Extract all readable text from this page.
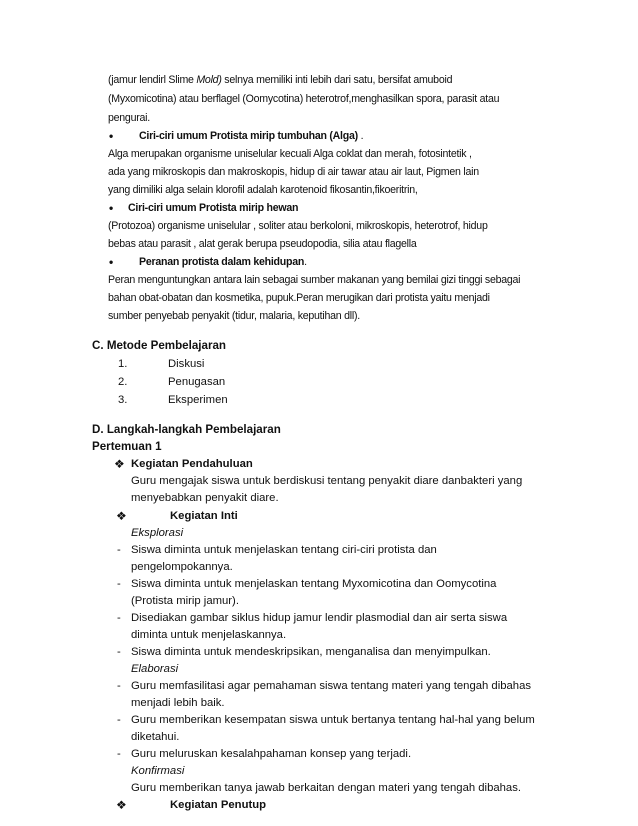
(jamur lendirl Slime Mold) selnya memiliki inti lebih dari satu, bersifat amuboid
(Myxomicotina) atau berflagel (Oomycotina) heterotrof,menghasilkan spora, parasit atau
pengurai.
• Ciri-ciri umum Protista mirip tumbuhan (Alga) .
Alga merupakan organisme uniselular kecuali Alga coklat dan merah, fotosintetik ,
ada yang mikroskopis dan makroskopis, hidup di air tawar atau air laut, Pigmen lain
yang dimiliki alga selain klorofil adalah karotenoid fikosantin,fikoeritrin,
• Ciri-ciri umum Protista mirip hewan
(Protozoa) organisme uniselular , soliter atau berkoloni, mikroskopis, heterotrof, hidup
bebas atau parasit , alat gerak berupa pseudopodia, silia atau flagella
• Peranan protista dalam kehidupan.
Peran menguntungkan antara lain sebagai sumber makanan yang bemilai gizi tinggi sebagai
bahan obat-obatan dan kosmetika, pupuk.Peran merugikan dari protista yaitu menjadi
sumber penyebab penyakit (tidur, malaria, keputihan dll).
C. Metode Pembelajaran
1.	Diskusi
2.	Penugasan
3.	Eksperimen
D. Langkah-langkah Pembelajaran
Pertemuan 1
❖ Kegiatan Pendahuluan
Guru mengajak siswa untuk berdiskusi tentang penyakit diare danbakteri yang
menyebabkan penyakit diare.
❖	Kegiatan Inti
Eksplorasi
- Siswa diminta untuk menjelaskan tentang ciri-ciri protista dan
pengelompokannya.
- Siswa diminta untuk menjelaskan tentang Myxomicotina dan Oomycotina
(Protista mirip jamur).
- Disediakan gambar siklus hidup jamur lendir plasmodial dan air serta siswa
diminta untuk menjelaskannya.
- Siswa diminta untuk mendeskripsikan, menganalisa dan menyimpulkan.
Elaborasi
- Guru memfasilitasi agar pemahaman siswa tentang materi yang tengah dibahas
menjadi lebih baik.
- Guru memberikan kesempatan siswa untuk bertanya tentang hal-hal yang belum
diketahui.
- Guru meluruskan kesalahpahaman konsep yang terjadi.
Konfirmasi
Guru memberikan tanya jawab berkaitan dengan materi yang tengah dibahas.
❖	Kegiatan Penutup
